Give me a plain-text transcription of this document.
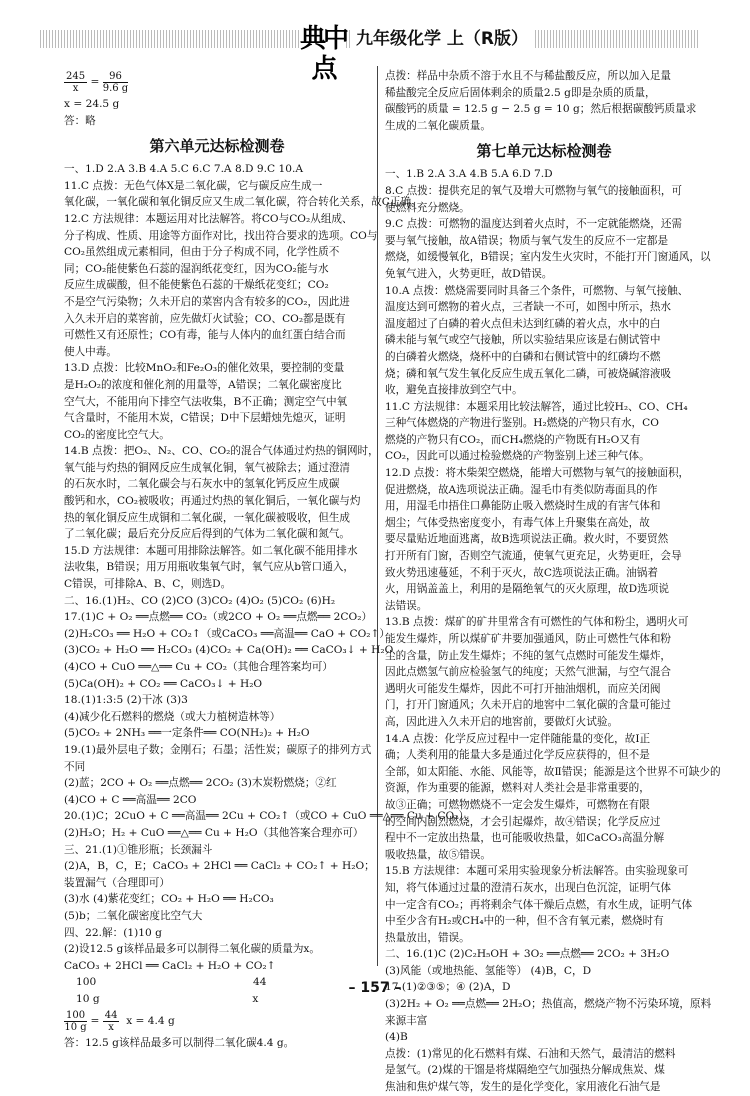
典中点
九年级化学 上（R版）

$\frac{245}{x} = \frac{96}{9.6 g}$

x = 24.5 g

答：略

第六单元达标检测卷

一、1.D 2.A 3.B 4.A 5.C 6.C 7.A 8.D 9.C 10.A

11.C 点拨：无色气体X是二氧化碳，它与碳反应生成一

氧化碳，一氧化碳和氧化铜反应又生成二氧化碳，符合转化关系，故C正确。

12.C 方法规律：本题运用对比法解答。将CO与CO₂从组成、

分子构成、性质、用途等方面作对比，找出符合要求的选项。CO与

CO₂虽然组成元素相同，但由于分子构成不同，化学性质不

同；CO₂能使紫色石蕊的湿润纸花变红，因为CO₂能与水

反应生成碳酸，但不能使紫色石蕊的干燥纸花变红；CO₂

不是空气污染物；久未开启的菜窖内含有较多的CO₂，因此进

入久未开启的菜窖前，应先做灯火试验；CO、CO₂都是既有

可燃性又有还原性；CO有毒，能与人体内的血红蛋白结合而

使人中毒。

13.D 点拨：比较MnO₂和Fe₂O₃的催化效果，要控制的变量

是H₂O₂的浓度和催化剂的用量等，A错误；二氧化碳密度比

空气大，不能用向下排空气法收集，B不正确；测定空气中氧

气含量时，不能用木炭，C错误；D中下层蜡烛先熄灭，证明

CO₂的密度比空气大。

14.B 点拨：把O₂、N₂、CO、CO₂的混合气体通过灼热的铜网时，

氧气能与灼热的铜网反应生成氧化铜，氧气被除去；通过澄清

的石灰水时，二氧化碳会与石灰水中的氢氧化钙反应生成碳

酸钙和水，CO₂被吸收；再通过灼热的氧化铜后，一氧化碳与灼

热的氧化铜反应生成铜和二氧化碳，一氧化碳被吸收，但生成

了二氧化碳；最后充分反应后得到的气体为二氧化碳和氮气。

15.D 方法规律：本题可用排除法解答。如二氧化碳不能用排水

法收集，B错误；用万用瓶收集氧气时，氧气应从b管口通入，

C错误，可排除A、B、C，则选D。

二、16.(1)H₂、CO (2)CO (3)CO₂ (4)O₂ (5)CO₂ (6)H₂

17.(1)C + O₂ ══点燃══ CO₂（或2CO + O₂ ══点燃══ 2CO₂）

(2)H₂CO₃ ══ H₂O + CO₂↑（或CaCO₃ ══高温══ CaO + CO₂↑）

(3)CO₂ + H₂O ══ H₂CO₃ (4)CO₂ + Ca(OH)₂ ══ CaCO₃↓ + H₂O

(4)CO + CuO ══△══ Cu + CO₂（其他合理答案均可）

(5)Ca(OH)₂ + CO₂ ══ CaCO₃↓ + H₂O

18.(1)1:3:5 (2)干冰 (3)3

(4)减少化石燃料的燃烧（或大力植树造林等）

(5)CO₂ + 2NH₃ ══一定条件══ CO(NH₂)₂ + H₂O

19.(1)最外层电子数；金刚石；石墨；活性炭；碳原子的排列方式

不同

(2)蓝；2CO + O₂ ══点燃══ 2CO₂ (3)木炭粉燃烧；②红

(4)CO + C ══高温══ 2CO

20.(1)C；2CuO + C ══高温══ 2Cu + CO₂↑（或CO + CuO ══△══ Cu + CO₂）

(2)H₂O；H₂ + CuO ══△══ Cu + H₂O（其他答案合理亦可）

三、21.(1)①锥形瓶；长颈漏斗

(2)A，B，C，E；CaCO₃ + 2HCl ══ CaCl₂ + CO₂↑ + H₂O；

装置漏气（合理即可）

(3)水 (4)紫花变红；CO₂ + H₂O ══ H₂CO₃

(5)b；二氧化碳密度比空气大

四、22.解：(1)10 g

(2)设12.5 g该样品最多可以制得二氧化碳的质量为x。

CaCO₃ + 2HCl ══ CaCl₂ + H₂O + CO₂↑

100	44

10 g	x

$\frac{100}{10 g} = \frac{44}{x}$ x = 4.4 g

答：12.5 g该样品最多可以制得二氧化碳4.4 g。

点拨：样品中杂质不溶于水且不与稀盐酸反应，所以加入足量

稀盐酸完全反应后固体剩余的质量2.5 g即是杂质的质量，

碳酸钙的质量 = 12.5 g − 2.5 g = 10 g；然后根据碳酸钙质量求

生成的二氧化碳质量。

第七单元达标检测卷

一、1.B 2.A 3.A 4.B 5.A 6.D 7.D

8.C 点拨：提供充足的氧气及增大可燃物与氧气的接触面积，可

使燃料充分燃烧。

9.C 点拨：可燃物的温度达到着火点时，不一定就能燃烧，还需

要与氧气接触，故A错误；物质与氧气发生的反应不一定都是

燃烧，如缓慢氧化，B错误；室内发生火灾时，不能打开门窗通风，以

免氧气进入，火势更旺，故D错误。

10.A 点拨：燃烧需要同时具备三个条件，可燃物、与氧气接触、

温度达到可燃物的着火点，三者缺一不可，如图中所示，热水

温度超过了白磷的着火点但未达到红磷的着火点，水中的白

磷未能与氧气或空气接触，所以实验结果应该是右侧试管中

的白磷着火燃烧，烧杯中的白磷和右侧试管中的红磷均不燃

烧；磷和氧气发生氧化反应生成五氧化二磷，可被烧碱溶液吸

收，避免直接排放到空气中。

11.C 方法规律：本题采用比较法解答，通过比较H₂、CO、CH₄

三种气体燃烧的产物进行鉴别。H₂燃烧的产物只有水，CO

燃烧的产物只有CO₂，而CH₄燃烧的产物既有H₂O又有

CO₂，因此可以通过检验燃烧的产物鉴别上述三种气体。

12.D 点拨：将木柴架空燃烧，能增大可燃物与氧气的接触面积，

促进燃烧，故A选项说法正确。湿毛巾有类似防毒面具的作

用，用湿毛巾捂住口鼻能防止吸入燃烧时生成的有害气体和

烟尘；气体受热密度变小，有毒气体上升聚集在高处，故

要尽量贴近地面逃离，故B选项说法正确。救火时，不要贸然

打开所有门窗，否则空气流通，使氧气更充足，火势更旺，会导

致火势迅速蔓延，不利于灭火，故C选项说法正确。油锅着

火，用锅盖盖上，利用的是隔绝氧气的灭火原理，故D选项说

法错误。

13.B 点拨：煤矿的矿井里常含有可燃性的气体和粉尘，遇明火可

能发生爆炸，所以煤矿矿井要加强通风，防止可燃性气体和粉

尘的含量，防止发生爆炸；不纯的氢气点燃时可能发生爆炸，

因此点燃氢气前应检验氢气的纯度；天然气泄漏，与空气混合

遇明火可能发生爆炸，因此不可打开抽油烟机，而应关闭阀

门，打开门窗通风；久未开启的地窖中二氧化碳的含量可能过

高，因此进入久未开启的地窖前，要做灯火试验。

14.A 点拨：化学反应过程中一定伴随能量的变化，故Ⅰ正

确；人类利用的能量大多是通过化学反应获得的，但不是

全部，如太阳能、水能、风能等，故Ⅱ错误；能源是这个世界不可缺少的

资源，作为重要的能源，燃料对人类社会是非常重要的，

故③正确；可燃物燃烧不一定会发生爆炸，可燃物在有限

的空间内剧烈燃烧，才会引起爆炸，故④错误；化学反应过

程中不一定放出热量，也可能吸收热量，如CaCO₃高温分解

吸收热量，故⑤错误。

15.B 方法规律：本题可采用实验现象分析法解答。由实验现象可

知，将气体通过过量的澄清石灰水，出现白色沉淀，证明气体

中一定含有CO₂；再将剩余气体干燥后点燃，有水生成，证明气体

中至少含有H₂或CH₄中的一种，但不含有氧元素，燃烧时有

热量放出，错误。

二、16.(1)C (2)C₂H₅OH + 3O₂ ══点燃══ 2CO₂ + 3H₂O

(3)风能（或地热能、氢能等） (4)B，C，D

17.(1)②③⑤；④ (2)A，D

(3)2H₂ + O₂ ══点燃══ 2H₂O；热值高，燃烧产物不污染环境，原料

来源丰富

(4)B

点拨：(1)常见的化石燃料有煤、石油和天然气，最清洁的燃料

是氢气。(2)煤的干馏是将煤隔绝空气加强热分解成焦炭、煤

焦油和焦炉煤气等，发生的是化学变化，家用液化石油气是

– 157 –
